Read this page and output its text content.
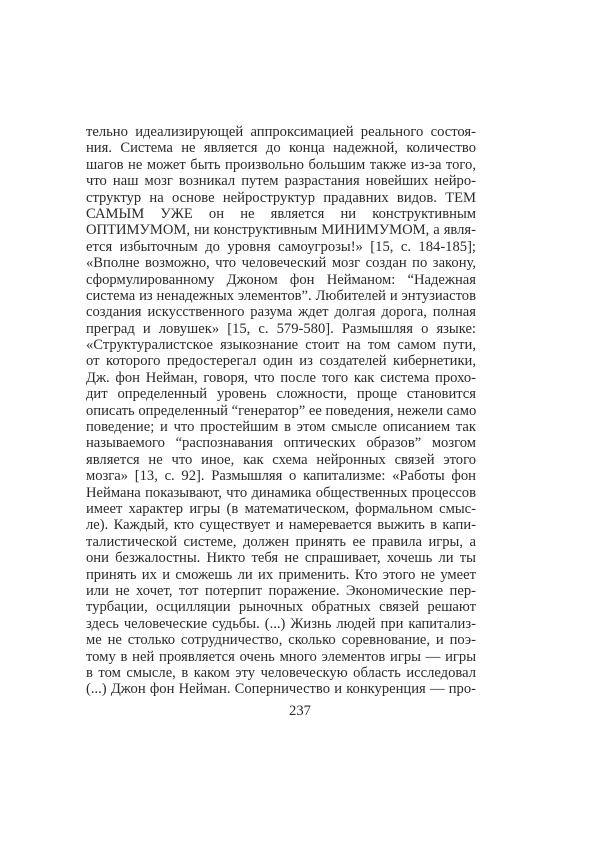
тельно идеализирующей аппроксимацией реального состоя-
ния. Система не является до конца надежной, количество
шагов не может быть произвольно большим также из-за того,
что наш мозг возникал путем разрастания новейших нейро-
структур на основе нейроструктур прадавних видов. ТЕМ
САМЫМ УЖЕ он не является ни конструктивным
ОПТИМУМОМ, ни конструктивным МИНИМУМОМ, а явля-
ется избыточным до уровня самоугрозы!» [15, с. 184-185];
«Вполне возможно, что человеческий мозг создан по закону,
сформулированному Джоном фон Нейманом: “Надежная
система из ненадежных элементов”. Любителей и энтузиастов
создания искусственного разума ждет долгая дорога, полная
преград и ловушек» [15, с. 579-580]. Размышляя о языке:
«Структуралистское языкознание стоит на том самом пути,
от которого предостерегал один из создателей кибернетики,
Дж. фон Нейман, говоря, что после того как система прохо-
дит определенный уровень сложности, проще становится
описать определенный “генератор” ее поведения, нежели само
поведение; и что простейшим в этом смысле описанием так
называемого “распознавания оптических образов” мозгом
является не что иное, как схема нейронных связей этого
мозга» [13, с. 92]. Размышляя о капитализме: «Работы фон
Неймана показывают, что динамика общественных процессов
имеет характер игры (в математическом, формальном смыс-
ле). Каждый, кто существует и намеревается выжить в капи-
талистической системе, должен принять ее правила игры, а
они безжалостны. Никто тебя не спрашивает, хочешь ли ты
принять их и сможешь ли их применить. Кто этого не умеет
или не хочет, тот потерпит поражение. Экономические пер-
турбации, осцилляции рыночных обратных связей решают
здесь человеческие судьбы. (...) Жизнь людей при капитализ-
ме не столько сотрудничество, сколько соревнование, и поэ-
тому в ней проявляется очень много элементов игры — игры
в том смысле, в каком эту человеческую область исследовал
(...) Джон фон Нейман. Соперничество и конкуренция — про-
237
